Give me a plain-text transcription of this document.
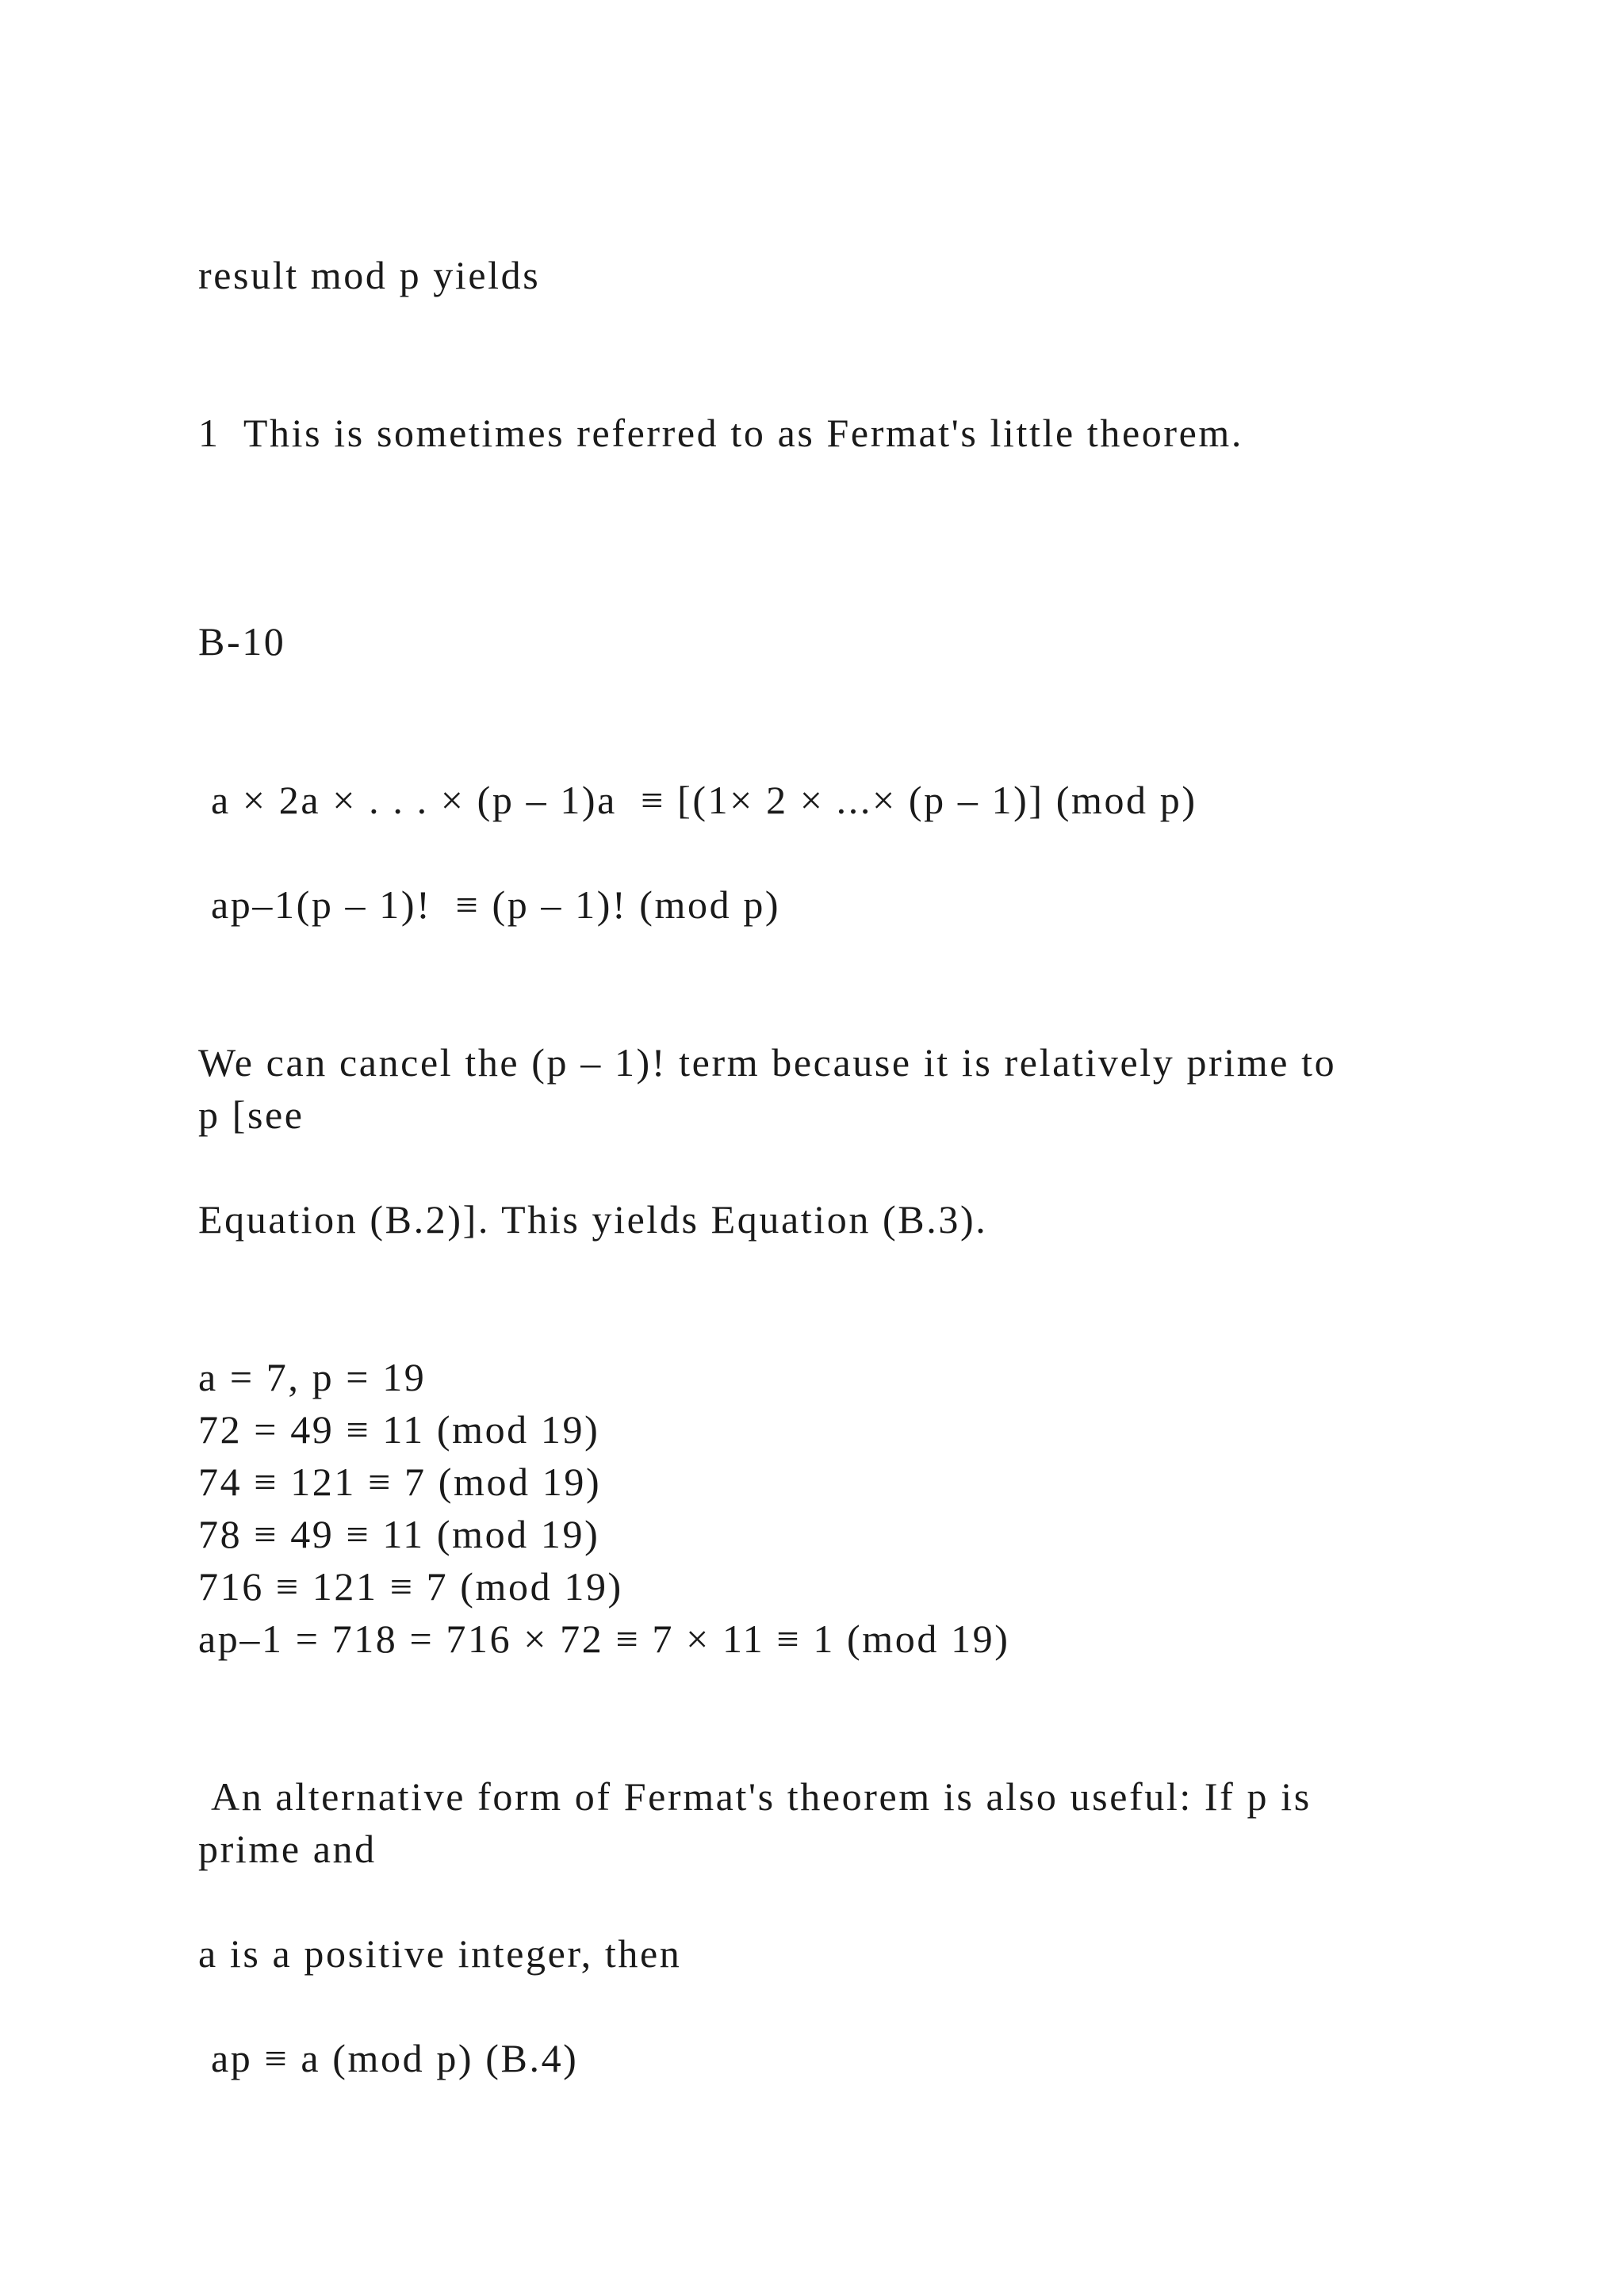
result mod p yields

1  This is sometimes referred to as Fermat's little theorem.

B-10

a × 2a × . . . × (p – 1)a  ≡ [(1× 2 × ...× (p – 1)] (mod p)

ap–1(p – 1)!  ≡ (p – 1)! (mod p)

We can cancel the (p – 1)! term because it is relatively prime to

p [see

Equation (B.2)]. This yields Equation (B.3).

a = 7, p = 19

72 = 49 ≡ 11 (mod 19)

74 ≡ 121 ≡ 7 (mod 19)

78 ≡ 49 ≡ 11 (mod 19)

716 ≡ 121 ≡ 7 (mod 19)

ap–1 = 718 = 716 × 72 ≡ 7 × 11 ≡ 1 (mod 19)

An alternative form of Fermat's theorem is also useful: If p is

prime and

a is a positive integer, then

ap ≡ a (mod p) (B.4)
